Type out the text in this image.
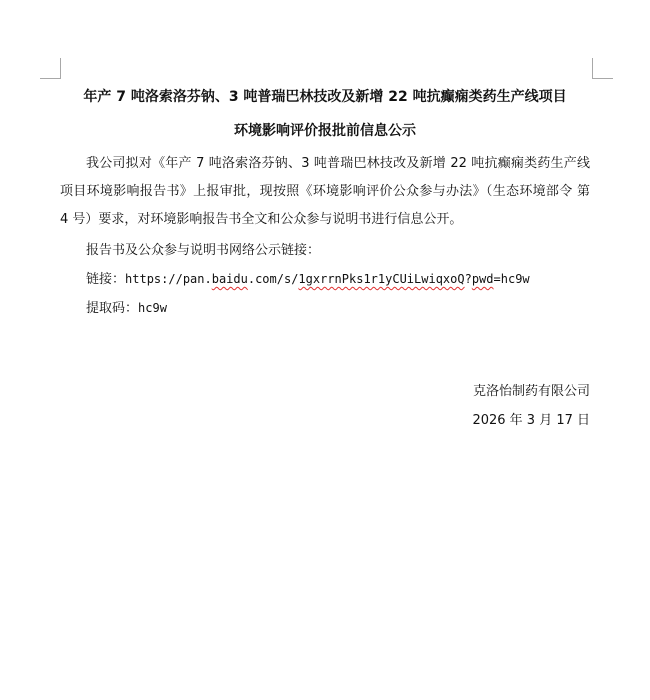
年产 7 吨洛索洛芬钠、3 吨普瑞巴林技改及新增 22 吨抗癫痫类药生产线项目
环境影响评价报批前信息公示
我公司拟对《年产 7 吨洛索洛芬钠、3 吨普瑞巴林技改及新增 22 吨抗癫痫类药生产线项目环境影响报告书》上报审批，现按照《环境影响评价公众参与办法》（生态环境部令 第 4 号）要求，对环境影响报告书全文和公众参与说明书进行信息公开。
报告书及公众参与说明书网络公示链接：
链接：https://pan.baidu.com/s/1gxrrnPks1r1yCUiLwiqxoQ?pwd=hc9w
提取码：hc9w
克洛怡制药有限公司
2026 年 3 月 17 日
